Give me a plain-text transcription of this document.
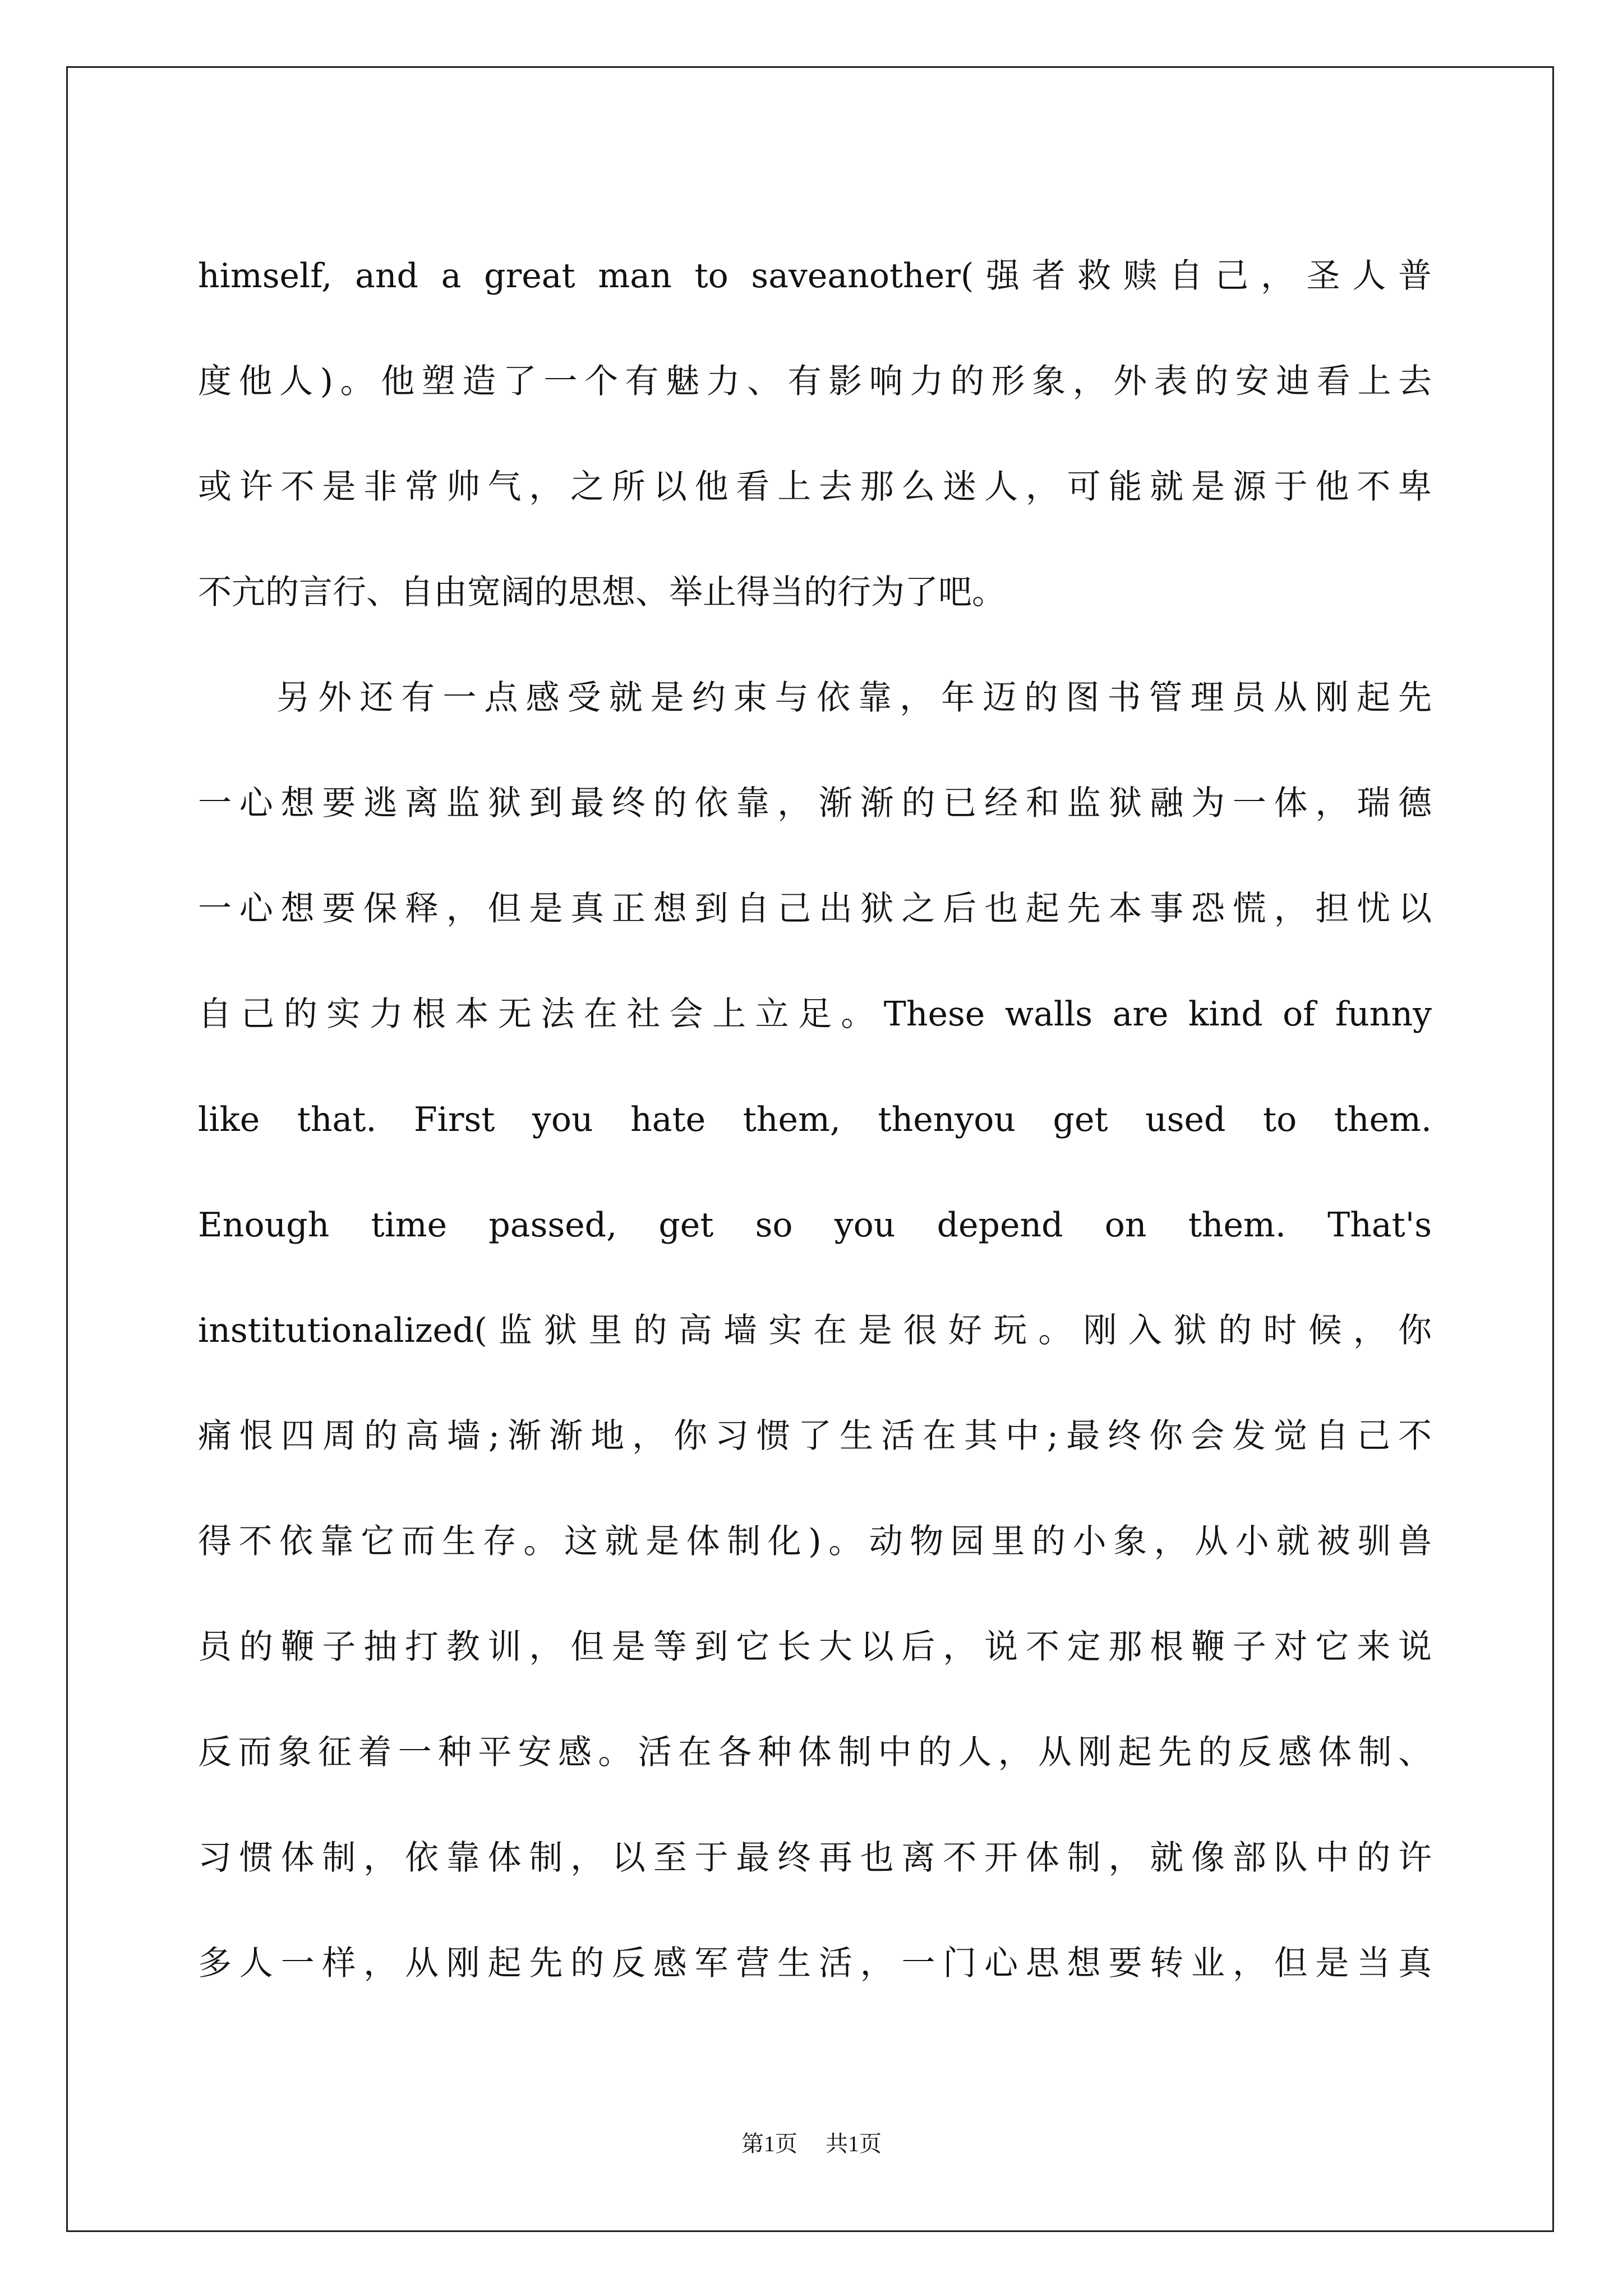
himself, and a great man to saveanother(强者救赎自己，圣人普
度他人)。他塑造了一个有魅力、有影响力的形象，外表的安迪看上去
或许不是非常帅气，之所以他看上去那么迷人，可能就是源于他不卑
不亢的言行、自由宽阔的思想、举止得当的行为了吧。
另外还有一点感受就是约束与依靠，年迈的图书管理员从刚起先
一心想要逃离监狱到最终的依靠，渐渐的已经和监狱融为一体，瑞德
一心想要保释，但是真正想到自己出狱之后也起先本事恐慌，担忧以
自己的实力根本无法在社会上立足。These walls are kind of funny
like that. First you hate them, thenyou get used to them.
Enough time passed, get so you depend on them. That's
institutionalized(监狱里的高墙实在是很好玩。刚入狱的时候，你
痛恨四周的高墙;渐渐地，你习惯了生活在其中;最终你会发觉自己不
得不依靠它而生存。这就是体制化)。动物园里的小象，从小就被驯兽
员的鞭子抽打教训，但是等到它长大以后，说不定那根鞭子对它来说
反而象征着一种平安感。活在各种体制中的人，从刚起先的反感体制、
习惯体制，依靠体制，以至于最终再也离不开体制，就像部队中的许
多人一样，从刚起先的反感军营生活，一门心思想要转业，但是当真
第1页 共1页
